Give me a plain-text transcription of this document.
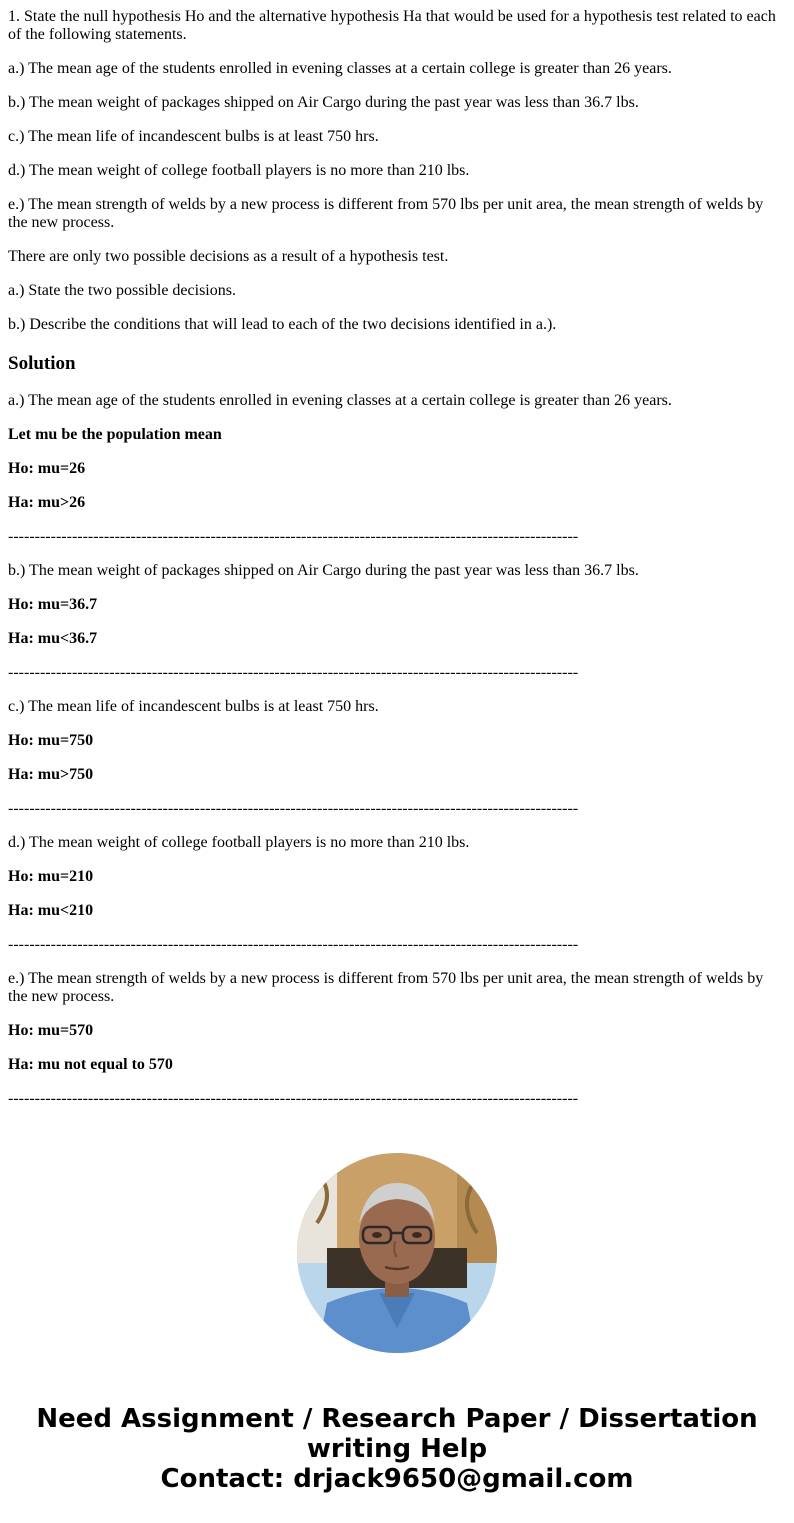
1. State the null hypothesis Ho and the alternative hypothesis Ha that would be used for a hypothesis test related to each of the following statements.

a.) The mean age of the students enrolled in evening classes at a certain college is greater than 26 years.

b.) The mean weight of packages shipped on Air Cargo during the past year was less than 36.7 lbs.

c.) The mean life of incandescent bulbs is at least 750 hrs.

d.) The mean weight of college football players is no more than 210 lbs.

e.) The mean strength of welds by a new process is different from 570 lbs per unit area, the mean strength of welds by the new process.

There are only two possible decisions as a result of a hypothesis test.

a.) State the two possible decisions.

b.) Describe the conditions that will lead to each of the two decisions identified in a.).

Solution

a.) The mean age of the students enrolled in evening classes at a certain college is greater than 26 years.

Let mu be the population mean

Ho: mu=26

Ha: mu>26

-----------------------------------------------------------------------------------------------------------

b.) The mean weight of packages shipped on Air Cargo during the past year was less than 36.7 lbs.

Ho: mu=36.7

Ha: mu<36.7

-----------------------------------------------------------------------------------------------------------

c.) The mean life of incandescent bulbs is at least 750 hrs.

Ho: mu=750

Ha: mu>750

-----------------------------------------------------------------------------------------------------------

d.) The mean weight of college football players is no more than 210 lbs.

Ho: mu=210

Ha: mu<210

-----------------------------------------------------------------------------------------------------------

e.) The mean strength of welds by a new process is different from 570 lbs per unit area, the mean strength of welds by the new process.

Ho: mu=570

Ha: mu not equal to 570

-----------------------------------------------------------------------------------------------------------

Need Assignment / Research Paper / Dissertation
writing Help
Contact: drjack9650@gmail.com
